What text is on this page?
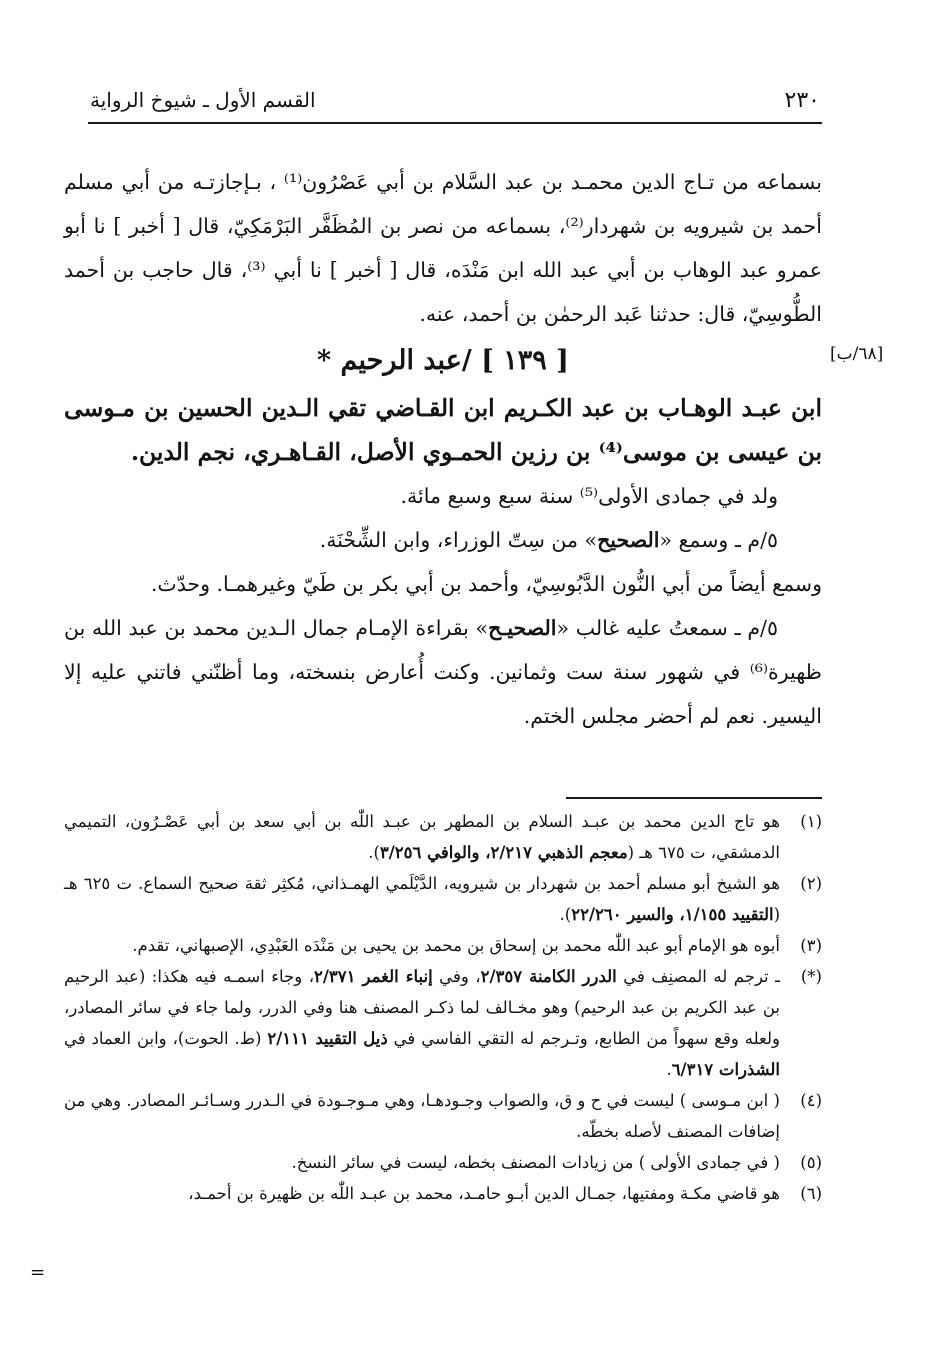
القسم الأول ـ شيوخ الرواية	٢٣٠
[٦٨/ب]

بسماعه من تـاج الدين محمـد بن عبد السَّلام بن أبي عَصْرُون⁽¹⁾ ، بـإجازتـه من أبي مسلم أحمد بن شيرويه بن شهردار⁽²⁾، بسماعه من نصر بن المُظَفَّر البَرْمَكِيّ، قال [ أخبر ] نا أبو عمرو عبد الوهاب بن أبي عبد الله ابن مَنْدَه، قال [ أخبر ] نا أبي ⁽³⁾، قال حاجب بن أحمد الطُّوسِيّ، قال: حدثنا عَبد الرحمٰن بن أحمد، عنه.

[ ١٣٩ ] /عبد الرحيم *

ابن عبـد الوهـاب بن عبد الكـريم ابن القـاضي تقي الـدين الحسين بن مـوسى بن عيسى بن موسى⁽⁴⁾ بن رزين الحمـوي الأصل، القـاهـري، نجم الدين.

ولد في جمادى الأولى⁽⁵⁾ سنة سبع وسبع مائة.

٥/م ـ وسمع «الصحيح» من سِتّ الوزراء، وابن الشِّحْنَة.

وسمع أيضاً من أبي النُّون الدَّبُوسِيّ، وأحمد بن أبي بكر بن طَيّ وغيرهمـا. وحدّث.

٥/م ـ سمعتُ عليه غالب «الصحيـح» بقراءة الإمـام جمال الـدين محمد بن عبد الله بن ظهيرة⁽⁶⁾ في شهور سنة ست وثمانين. وكنت أُعارض بنسخته، وما أظنّني فاتني عليه إلا اليسير. نعم لم أحضر مجلس الختم.

(١)
هو تاج الدين محمد بن عبـد السلام بن المطهر بن عبـد اللّٰه بن أبي سعد بن أبي عَصْـرُون، التميمي الدمشقي، ت ٦٧٥ هـ (معجم الذهبي ٢/٢١٧، والوافي ٣/٢٥٦).
(٢)
هو الشيخ أبو مسلم أحمد بن شهردار بن شيرويه، الدَّيْلَمي الهمـذاني، مُكثِر ثقة صحيح السماع. ت ٦٢٥ هـ (التقييد ١/١٥٥، والسير ٢٢/٢٦٠).
(٣)
أبوه هو الإمام أبو عبد اللّٰه محمد بن إسحاق بن محمد بن يحيى بن مَنْدَه العَبْدِي، الإصبهاني، تقدم.
(*)
ـ ترجم له المصنِف في الدرر الكامنة ٢/٣٥٧، وفي إنباء الغمر ٢/٣٧١، وجاء اسمـه فيه هكذا: (عبد الرحيم بن عبد الكريم بن عبد الرحيم) وهو مخـالف لما ذكـر المصنف هنا وفي الدرر، ولما جاء في سائر المصادر، ولعله وقع سهواً من الطابع، وتـرجم له التقي الفاسي في ذيل التقييد ٢/١١١ (ط. الحوت)، وابن العماد في الشذرات ٦/٣١٧.
(٤)
( ابن مـوسى ) ليست في ح و ق، والصواب وجـودهـا، وهي مـوجـودة في الـدرر وسـائـر المصادر. وهي من إضافات المصنف لأصله بخطّه.
(٥)
( في جمادى الأولى ) من زيادات المصنف بخطه، ليست في سائر النسخ.
(٦)
هو قاضي مكـة ومفتيها، جمـال الدين أبـو حامـد، محمد بن عبـد اللّٰه بن ظهيرة بن أحمـد،
=
